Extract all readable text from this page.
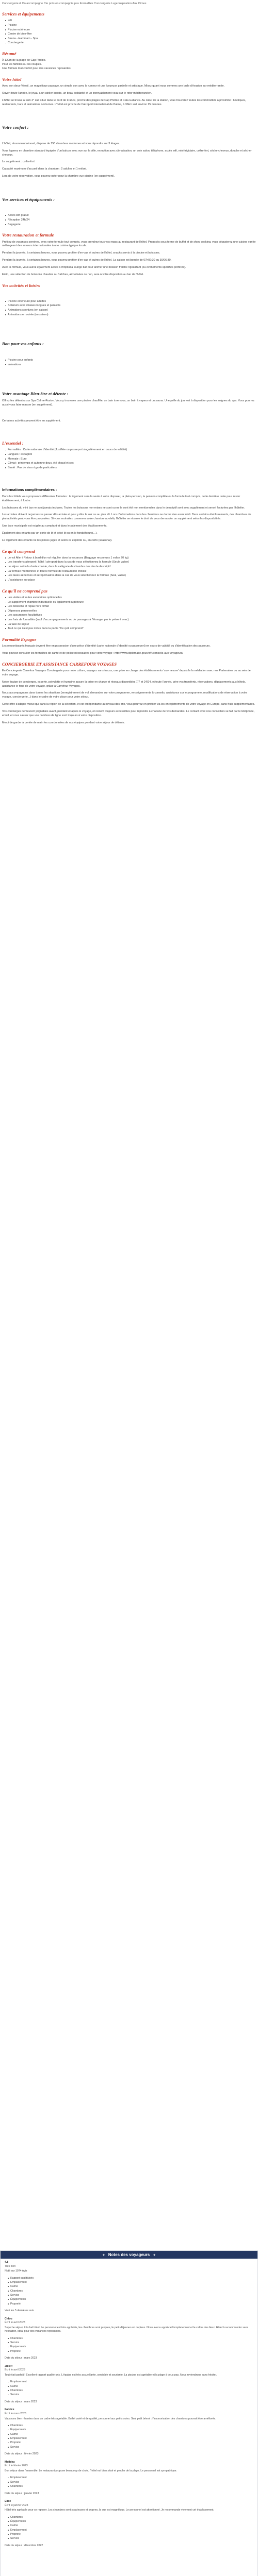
Conciergerie & Co accompagne Cie près en compagnie pas Formalités Conciergerie Luge Inspiration Aux Cimes

Services et équipements
wifi
Piscine
Piscine extérieure
Centre de bien-être
Sauna - Hammam - Spa
Conciergerie
Résumé

À 120m de la plage de Cap Phobie.
Pour les familles ou les couples.
Une formule tout confort pour des vacances reposantes.

Votre hôtel

Avec son deux-Vitesil, un magnifique paysage, un simple son avec la rumeur et une luxueuse partielle et artistique. Mixez quant nous sommes une bulle d'évasion sur méditerranée.

Ouvert toute l'année, le joyau a un atelier ludotic, un beau solidarité et un incroyablement veau sur le rotor méditerranéen.

L'hôtel se trouve à 1km 4° sud situé dans le bord de France, proche des plages de Cap Phobie et Cala Galiance. Au cœur de la station, vous trouverez toutes les commodités à proximité : boutiques, restaurants, bars et animations nocturnes. L'hôtel est proche de l'aéroport international de Palma, à 30km soit environ 15 minutes.

Votre confort :

L'hôtel, récemment rénové, dispose de 150 chambres modernes et vous répondre sur 3 étages.

Vous logerez en chambre standard équipée d'un balcon avec vue sur la ville, en option avec climatisation, un coin salon, téléphone, accès wifi, mini-frigidaire, coffre-fort, sèche-cheveux, douche et sèche-cheveux.

Le supplément : coffre-fort

Capacité maximum d'accueil dans la chambre : 2 adultes et 1 enfant.

Lors de votre réservation, vous pourrez opter pour la chambre vue piscine (en supplément).

Vos services et équipements :
Accès wifi gratuit
Réception 24h/24
Bagagerie
Votre restauration et formule

Profitez de vacances sereines, avec votre formule tout compris, vous prendrez tous vos repas au restaurant de l'hôtel. Proposés sous forme de buffet et de show cooking, vous dégusterez une cuisine variée mélangeant des saveurs internationales à une cuisine typique locale.

Pendant la journée, à certaines heures, vous pourrez profiter d'en-cas et autres de l'hôtel, snacks servis à la piscine et boissons.

Pendant la journée, à certaines heures, vous pourrez profiter d'en-cas et autres de l'hôtel. La saison est bornée de 07h02:30 au 30/06:30.

Avec la formule, vous aurez également accès à l'hôpital à lounge bar pour animer une boisson fraîche rigoalizant (ou évènements spécifiés préférés).

Enfin, une sélection de boissons chaudes ou fraîches, alcoolisées ou non, sera à votre disposition au bar de l'hôtel.

Vos activités et loisirs
Piscine extérieure pour adultes
Solarium avec chaises longues et parasols
Animations sportives (en saison)
Animations en soirée (en saison)
Bon pour vos enfants :
Piscine pour enfants
animations
Votre avantage Bien-être et détente :

Offrez-les détentes sur Spa Calme-Fusion. Vous y trouverez une piscine chauffée, un bain à remous, un bain à vapeur et un sauna. Une pelle du jour est à disposition pour les soignes du spa. Vous pourrez aussi vous faire masser (en supplément).

Certaines activités peuvent être en supplément.

L'essentiel :
Formalités : Carte nationale d'identité (Justifiée ou passeport singulièrement en cours de validité)
Langues : espagnol
Monnaie : Euro
Climat : printemps et automne doux, été chaud et sec
Santé : Pas de visa ni garde particuliers
Informations complémentaires :

Dans les hôtels vous proposons différentes formules : le logement sera la seule à votre disposer, la plein-pension, la pension complète ou la formule tout compris, cette dernière reste pour rester établissement, à foutre.

Les boissons du mini bar ne sont jamais incluses. Toutes les boissons non-mises ne sont ou ne le sont été non mentionnées dans le descriptif sont avec supplément et seront facturées par l'hôtelier.

Les arrivées doivent ne jamais se passer dès arrivée et pour y être le soir ou au plus tôt. Lors d'informations dans les chambres ne dormir rien avant midi. Dans certains établissements, des chambres de pluriactivités peut vous être proposées. Si vous souhaitez conserver votre chambre au-delà, l'hôtelier se réserve le droit de vous demander un supplément selon les disponibilités.

Une taxe municipale est exigée au comptant et dans le paiement des établissements.

Également des enfants par un porte de lit et bébé lit ou en le fonds/fixture(...).

Le logement des enfants ne les pièces jugée et selon ce explicite ou, en certo (seasonal).

Ce qu'il comprend
Le vol Aller / Retour à bord d'un vol régulier dans la vacances (Baggage reconnues 1 valise 20 kg)
Les transferts aéroport / hôtel / aéroport dans la cas de vous sélectionnez la formule (Seule valise)
Le séjour selon la durée choisie, dans la catégorie de chambre des des le descriptif
La formule mentionnée et tout le formule de restauration choisie
Les taxes aériennes et aéroportuaires dans la cas de vous sélectionnez la formule (Seul, valise)
L'assistance sur place
Ce qu'il ne comprend pas
Les visites et toutes excursions optionnelles
Le supplément chambre individuelle ou également supérieure
Les boissons et repas hors forfait
Dépenses personnelles
Les assurances facultatives
Les frais de formalités (sauf d'accompagnements ou de passages à l'étranger par le présent avec)
La taxe de séjour
Tout ce qui n'est pas inclus dans la partie "Ce qu'il comprend"
Formalité Espagne

Les ressortissants français devront être en possession d'une pièce d'identité (carte nationale d'identité ou passeport) en cours de validité ou d'identification des passeurs.

Vous pouvez consulter les formalités de santé et de police nécessaires pour votre voyage : http://www.diplomatie.gouv.fr/fr/conseils-aux-voyageurs/

CONCIERGERIE ET ASSISTANCE CARREFOUR VOYAGES

En Conciergerie Carrefour Voyages Conciergerie pour notre culture, voyagez sans tracas, une prise en charge des établissements 'sur-mesure' depuis le la médiation avec nos Partenaires ou au sein de votre voyage.

Notre équipe de concierges, experte, polyglotte et humaine assure la prise en charge et réseaux disponibles 7/7 et 24/24, et toute l'année, gère vos transferts, réservations, déplacements aux hôtels, assistance le fond de votre voyage, grâce à Carrefour Voyages.

Nous accompagnons dans toutes les situations (enregistrement de vol, demandes sur votre programme, renseignements & conseils, assistance sur le programme, modifications de réservation à votre voyage, conciergerie...) dans le cadre de votre place pour votre séjour.

Cette offre s'adapte mieux qui dans la région de la sélection, et est indépendante au niveau des prix, vous pourrez en profiter via les enregistrements de votre voyage en Europe, sans frais supplémentaires.

Vos concierges demeurent joignables avant, pendant et après le voyage, et restent toujours accessibles pour répondre à chacune de vos demandes. Le contact avec nos conseillers se fait par le téléphone, email, et vous saurez que vos nombres de ligne sont toujours à votre disposition.

Merci de garder à portée de main les coordonnées de nos équipes pendant votre séjour de détente.

✦ Notes des voyageurs ✦
4.8
Très bien

Noté sur 1074 Avis

Rapport qualité/prix
Emplacement
Calme
Chambres
Service
Équipements
Propreté

Voté les 5 dernières avis

Cidou
Écrit le avril 2023

Superbe séjour, très bel hôtel. Le personnel est très agréable, les chambres sont propres, le petit-déjeuner est copieux. Nous avons apprécié l'emplacement et le calme des lieux. Hôtel à recommander sans hésitation, idéal pour des vacances reposantes.

Chambres
Service
Équipements
Propreté

Date du séjour : mars 2023

Julie f
Écrit le avril 2023

Tout était parfait ! Excellent rapport qualité-prix. L'équipe est très accueillante, serviable et souriante. La piscine est agréable et la plage à deux pas. Nous reviendrons sans hésiter.

Emplacement
Calme
Chambres
Service

Date du séjour : mars 2023

Fabrice
Écrit le mars 2023

Vacances bien réussies dans un cadre très agréable. Buffet varié et de qualité, personnel aux petits soins. Seul petit bémol : l'insonorisation des chambres pourrait être améliorée.

Chambres
Équipements
Calme
Emplacement
Propreté
Service

Date du séjour : février 2023

Mathieu
Écrit le février 2023

Bon séjour dans l'ensemble. Le restaurant propose beaucoup de choix, l'hôtel est bien situé et proche de la plage. Le personnel est sympathique.

Emplacement
Service
Chambres

Date du séjour : janvier 2023

Elise
Écrit le janvier 2023

Hôtel très agréable pour se reposer. Les chambres sont spacieuses et propres, la vue est magnifique. Le personnel est attentionné. Je recommande vivement cet établissement.

Chambres
Équipements
Calme
Emplacement
Propreté
Service

Date du séjour : décembre 2022
